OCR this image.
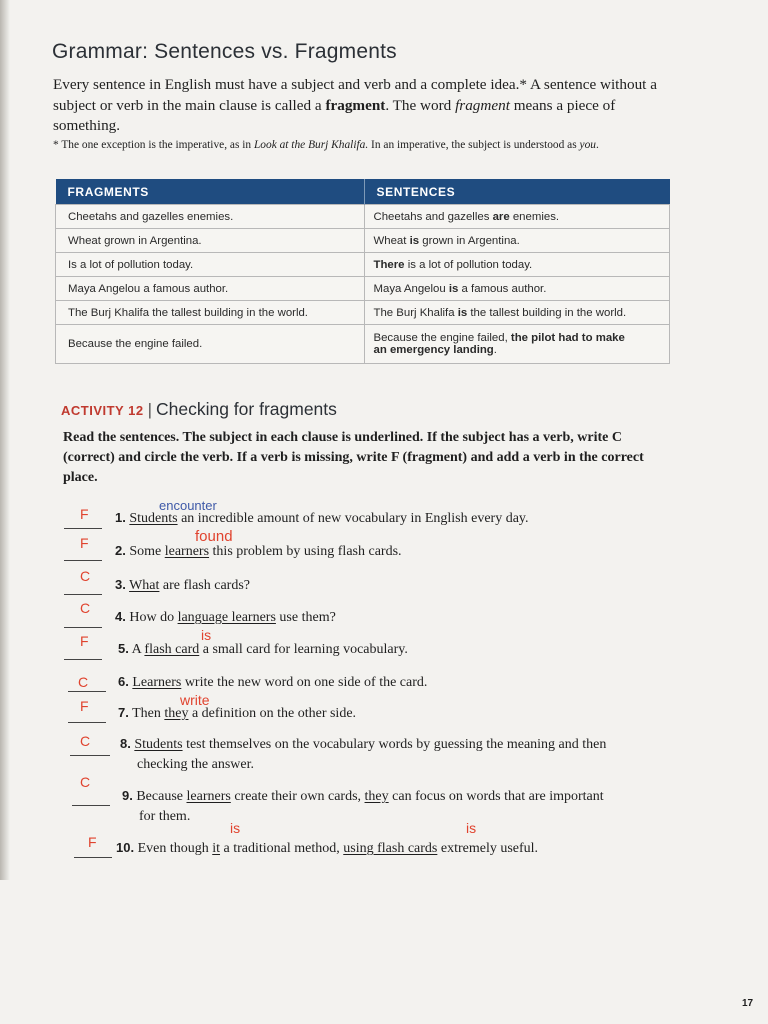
Grammar: Sentences vs. Fragments
Every sentence in English must have a subject and verb and a complete idea.* A sentence without a subject or verb in the main clause is called a fragment. The word fragment means a piece of something.
* The one exception is the imperative, as in Look at the Burj Khalifa. In an imperative, the subject is understood as you.
FRAGMENTS	SENTENCES
Cheetahs and gazelles enemies.	Cheetahs and gazelles are enemies.
Wheat grown in Argentina.	Wheat is grown in Argentina.
Is a lot of pollution today.	There is a lot of pollution today.
Maya Angelou a famous author.	Maya Angelou is a famous author.
The Burj Khalifa the tallest building in the world.	The Burj Khalifa is the tallest building in the world.
Because the engine failed.	Because the engine failed, the pilot had to make
an emergency landing.
ACTIVITY 12 | Checking for fragments
Read the sentences. The subject in each clause is underlined. If the subject has a verb, write C (correct) and circle the verb. If a verb is missing, write F (fragment) and add a verb in the correct place.
F
encounter
1. Students an incredible amount of new vocabulary in English every day.
F	found
2. Some learners this problem by using flash cards.
C
3. What are flash cards?
C
4. How do language learners use them?
F	is
5. A flash card a small card for learning vocabulary.
C 6. Learners write the new word on one side of the card.
F	write
7. Then they a definition on the other side.
C 8. Students test themselves on the vocabulary words by guessing the meaning and then
checking the answer.
C
9. Because learners create their own cards, they can focus on words that are important
for them.
F
is	is
10. Even though it a traditional method, using flash cards extremely useful.
17
